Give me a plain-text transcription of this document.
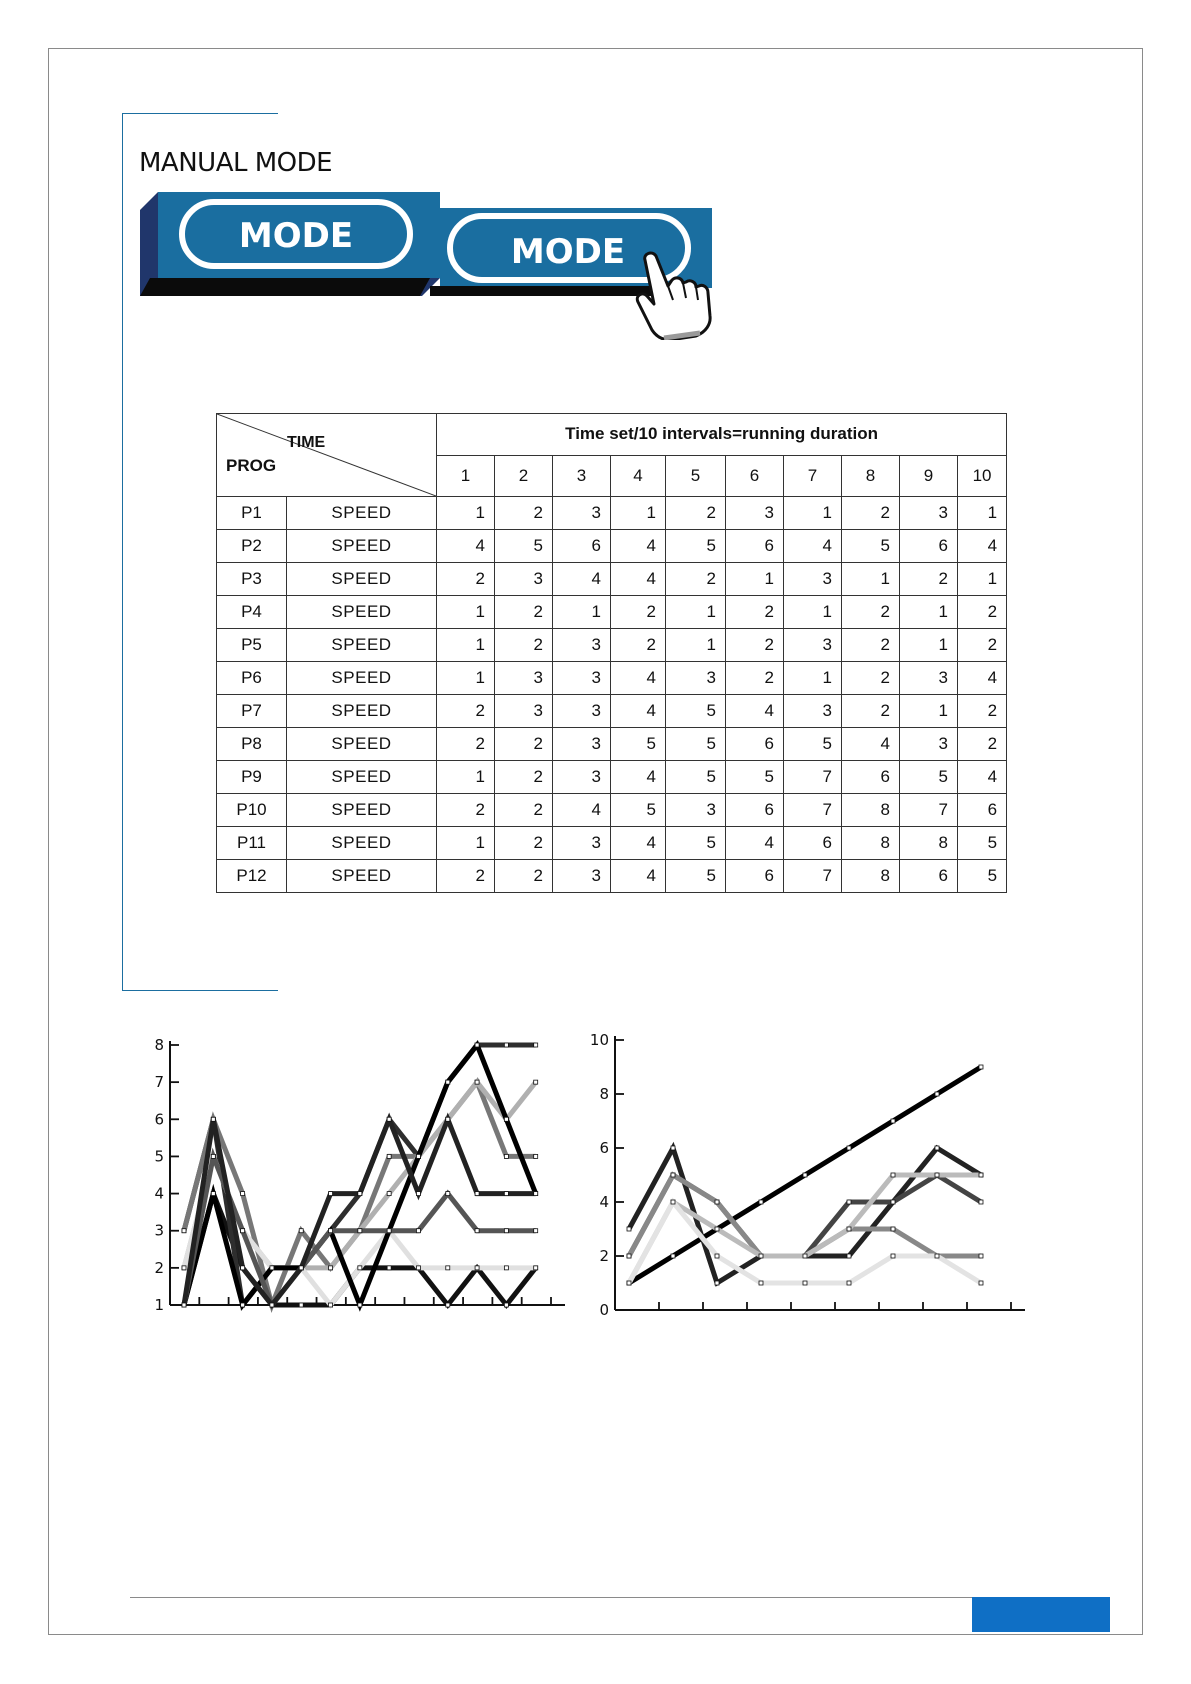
MANUAL MODE
MODE	MODE
TIME
PROG		Time set/10 intervals=running duration									
		1	2	3	4	5	6	7	8	9	10
P1	SPEED	1	2	3	1	2	3	1	2	3	1
P2	SPEED	4	5	6	4	5	6	4	5	6	4
P3	SPEED	2	3	4	4	2	1	3	1	2	1
P4	SPEED	1	2	1	2	1	2	1	2	1	2
P5	SPEED	1	2	3	2	1	2	3	2	1	2
P6	SPEED	1	3	3	4	3	2	1	2	3	4
P7	SPEED	2	3	3	4	5	4	3	2	1	2
P8	SPEED	2	2	3	5	5	6	5	4	3	2
P9	SPEED	1	2	3	4	5	5	7	6	5	4
P10	SPEED	2	2	4	5	3	6	7	8	7	6
P11	SPEED	1	2	3	4	5	4	6	8	8	5
P12	SPEED	2	2	3	4	5	6	7	8	6	5
1
2
3
4
5
6
7
8
0
2
4
6
8
10
